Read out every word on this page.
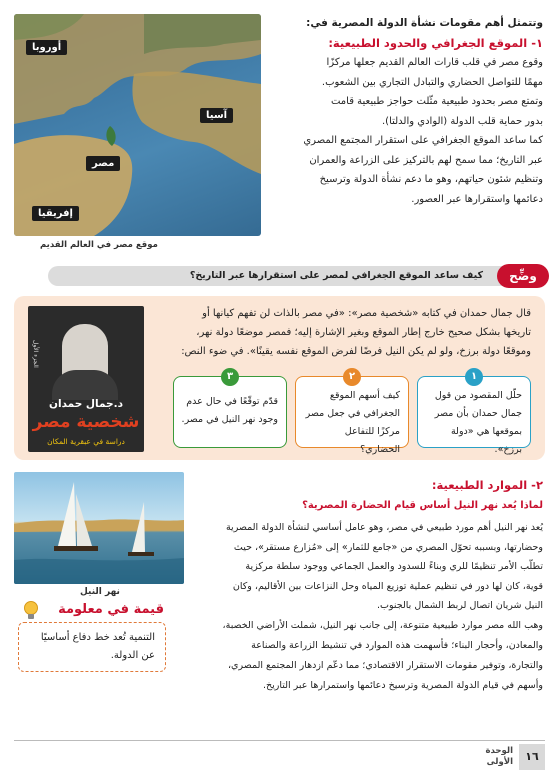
أوروبا
آسيا
مصر
إفريقيا
موقع مصر في العالم القديم
وتتمثل أهم مقومات نشأة الدولة المصرية في:
١- الموقع الجغرافي والحدود الطبيعية:
وقوع مصر في قلب قارات العالم القديم جعلها مركزًا
مهمًا للتواصل الحضاري والتبادل التجاري بين الشعوب.
وتمتع مصر بحدود طبيعية مثّلت حواجز طبيعية قامت
بدور حماية قلب الدولة (الوادي والدلتا).
كما ساعد الموقع الجغرافي على استقرار المجتمع المصري
عبر التاريخ؛ مما سمح لهم بالتركيز على الزراعة والعمران
وتنظيم شئون حياتهم، وهو ما دعم نشأة الدولة وترسيخ
دعائمها واستقرارها عبر العصور.
وضِّح
كيف ساعد الموقع الجغرافي لمصر على استقرارها عبر التاريخ؟
الجزء الأول
د.جمال حمدان
شخصية مصر
دراسة في عبقرية المكان
قال جمال حمدان في كتابه «شخصية مصر»: «في مصر بالذات لن تفهم كيانها أو
تاريخها بشكل صحيح خارج إطار الموقع وبغير الإشارة إليه؛ فمصر موضعًا دولة نهر،
وموقعًا دولة برزخ، ولو لم يكن النيل فرضًا لفرض الموقع نفسه يقينًا». في ضوء النص:
١
حلّل المقصود من قول
جمال حمدان بأن مصر
بموقعها هي «دولة برزخ».
٢
كيف أسهم الموقع
الجغرافي في جعل مصر
مركزًا للتفاعل الحضاري؟
٣
قدّم توقّعًا في حال عدم
وجود نهر النيل في مصر.
نهر النيل
٢- الموارد الطبيعية:
لماذا يُعد نهر النيل أساس قيام الحضارة المصرية؟
يُعد نهر النيل أهم مورد طبيعي في مصر، وهو عامل أساسي لنشأة الدولة المصرية
وحضارتها، وبسببه تحوّل المصري من «جامع للثمار» إلى «مُزارع مستقر»، حيث
تطلّب الأمر تنظيمًا للري وبناءً للسدود والعمل الجماعي ووجود سلطة مركزية
قوية، كان لها دور في تنظيم عملية توزيع المياه وحل النزاعات بين الأقاليم، وكان
النيل شريان اتصال لربط الشمال بالجنوب.
وهب الله مصر موارد طبيعية متنوعة، إلى جانب نهر النيل، شملت الأراضي الخصبة،
والمعادن، وأحجار البناء؛ فأسهمت هذه الموارد في تنشيط الزراعة والصناعة
والتجارة، وتوفير مقومات الاستقرار الاقتصادي؛ مما دعّم ازدهار المجتمع المصري،
وأسهم في قيام الدولة المصرية وترسيخ دعائمها واستمرارها عبر التاريخ.
قيمة في معلومة
التنمية تُعد خط دفاع أساسيًا
عن الدولة.
١٦
الوحدة
الأولى
